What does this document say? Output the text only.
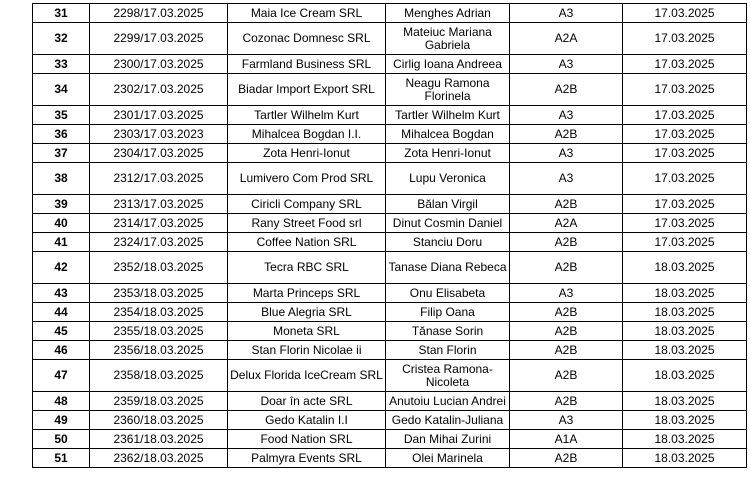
31	2298/17.03.2025	Maia Ice Cream SRL	Menghes Adrian	A3	17.03.2025
32	2299/17.03.2025	Cozonac Domnesc SRL	Mateiuc Mariana Gabriela	A2A	17.03.2025
33	2300/17.03.2025	Farmland Business SRL	Cirlig Ioana Andreea	A3	17.03.2025
34	2302/17.03.2025	Biadar Import Export SRL	Neagu Ramona Florinela	A2B	17.03.2025
35	2301/17.03.2025	Tartler Wilhelm Kurt	Tartler Wilhelm Kurt	A3	17.03.2025
36	2303/17.03.2023	Mihalcea Bogdan I.I.	Mihalcea Bogdan	A2B	17.03.2025
37	2304/17.03.2025	Zota Henri-Ionut	Zota Henri-Ionut	A3	17.03.2025
38	2312/17.03.2025	Lumivero Com Prod SRL	Lupu Veronica	A3	17.03.2025
39	2313/17.03.2025	Ciricli Company SRL	Bălan Virgil	A2B	17.03.2025
40	2314/17.03.2025	Rany Street Food srl	Dinut Cosmin Daniel	A2A	17.03.2025
41	2324/17.03.2025	Coffee Nation SRL	Stanciu Doru	A2B	17.03.2025
42	2352/18.03.2025	Tecra RBC SRL	Tanase Diana Rebeca	A2B	18.03.2025
43	2353/18.03.2025	Marta Princeps SRL	Onu Elisabeta	A3	18.03.2025
44	2354/18.03.2025	Blue Alegria SRL	Filip Oana	A2B	18.03.2025
45	2355/18.03.2025	Moneta SRL	Tănase Sorin	A2B	18.03.2025
46	2356/18.03.2025	Stan Florin Nicolae ii	Stan Florin	A2B	18.03.2025
47	2358/18.03.2025	Delux Florida IceCream SRL	Cristea Ramona-Nicoleta	A2B	18.03.2025
48	2359/18.03.2025	Doar în acte SRL	Anutoiu Lucian Andrei	A2B	18.03.2025
49	2360/18.03.2025	Gedo Katalin I.I	Gedo Katalin-Juliana	A3	18.03.2025
50	2361/18.03.2025	Food Nation SRL	Dan Mihai Zurini	A1A	18.03.2025
51	2362/18.03.2025	Palmyra Events SRL	Olei Marinela	A2B	18.03.2025
